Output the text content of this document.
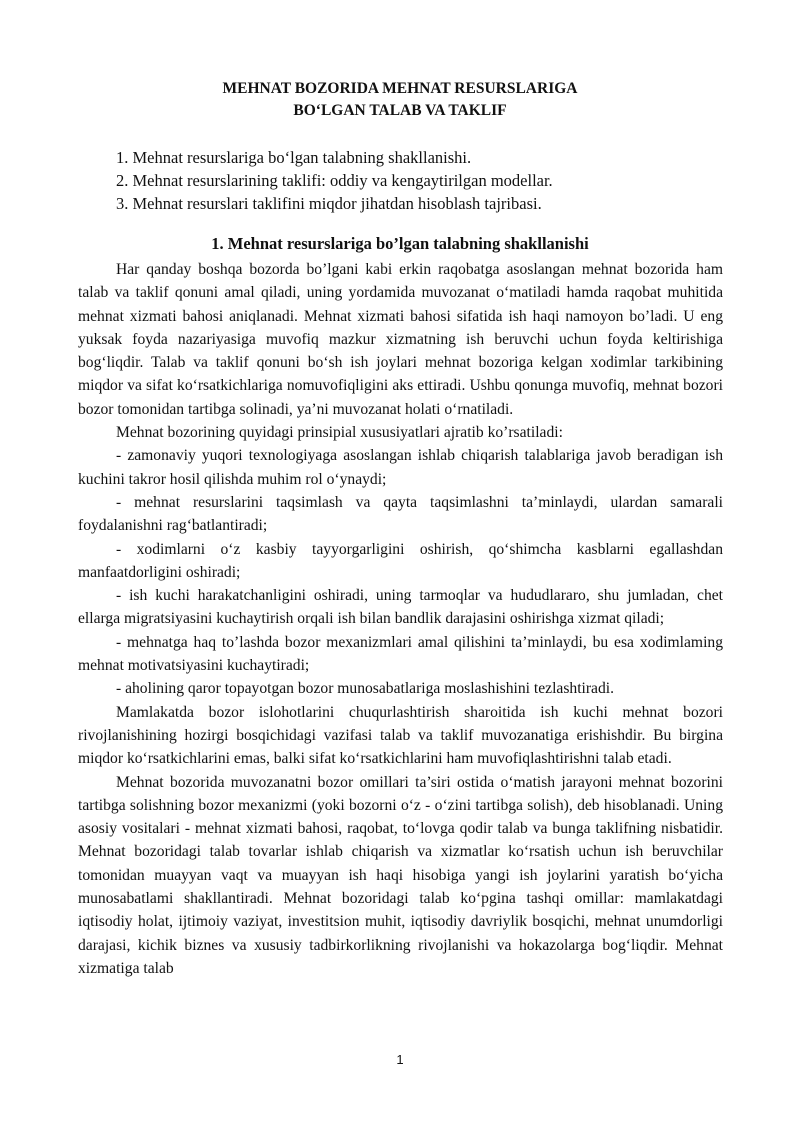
MEHNAT BOZORIDA MEHNAT RESURSLARIGA
BO‘LGAN TALAB VA TAKLIF
1. Mehnat resurslariga bo‘lgan talabning shakllanishi.
2. Mehnat resurslarining taklifi: oddiy va kengaytirilgan modellar.
3. Mehnat resurslari taklifini miqdor jihatdan hisoblash tajribasi.
1. Mehnat resurslariga bo’lgan talabning shakllanishi

Har qanday boshqa bozorda bo’lgani kabi erkin raqobatga asoslangan mehnat bozorida ham talab va taklif qonuni amal qiladi, uning yordamida muvozanat o‘matiladi hamda raqobat muhitida mehnat xizmati bahosi aniqlanadi. Mehnat xizmati bahosi sifatida ish haqi namoyon bo’ladi. U eng yuksak foyda nazariyasiga muvofiq mazkur xizmatning ish beruvchi uchun foyda keltirishiga bog‘liqdir. Talab va taklif qonuni bo‘sh ish joylari mehnat bozoriga kelgan xodimlar tarkibining miqdor va sifat ko‘rsatkichlariga nomuvofiqligini aks ettiradi. Ushbu qonunga muvofiq, mehnat bozori bozor tomonidan tartibga solinadi, ya’ni muvozanat holati o‘rnatiladi.

Mehnat bozorining quyidagi prinsipial xususiyatlari ajratib ko’rsatiladi:

- zamonaviy yuqori texnologiyaga asoslangan ishlab chiqarish talablariga javob beradigan ish kuchini takror hosil qilishda muhim rol o‘ynaydi;

- mehnat resurslarini taqsimlash va qayta taqsimlashni ta’minlaydi, ulardan samarali foydalanishni rag‘batlantiradi;

- xodimlarni o‘z kasbiy tayyorgarligini oshirish, qo‘shimcha kasblarni egallashdan manfaatdorligini oshiradi;

- ish kuchi harakatchanligini oshiradi, uning tarmoqlar va hududlararo, shu jumladan, chet ellarga migratsiyasini kuchaytirish orqali ish bilan bandlik darajasini oshirishga xizmat qiladi;

- mehnatga haq to’lashda bozor mexanizmlari amal qilishini ta’minlaydi, bu esa xodimlaming mehnat motivatsiyasini kuchaytiradi;

- aholining qaror topayotgan bozor munosabatlariga moslashishini tezlashtiradi.

Mamlakatda bozor islohotlarini chuqurlashtirish sharoitida ish kuchi mehnat bozori rivojlanishining hozirgi bosqichidagi vazifasi talab va taklif muvozanatiga erishishdir. Bu birgina miqdor ko‘rsatkichlarini emas, balki sifat ko‘rsatkichlarini ham muvofiqlashtirishni talab etadi.

Mehnat bozorida muvozanatni bozor omillari ta’siri ostida o‘matish jarayoni mehnat bozorini tartibga solishning bozor mexanizmi (yoki bozorni o‘z - o‘zini tartibga solish), deb hisoblanadi. Uning asosiy vositalari - mehnat xizmati bahosi, raqobat, to‘lovga qodir talab va bunga taklifning nisbatidir. Mehnat bozoridagi talab tovarlar ishlab chiqarish va xizmatlar ko‘rsatish uchun ish beruvchilar tomonidan muayyan vaqt va muayyan ish haqi hisobiga yangi ish joylarini yaratish bo‘yicha munosabatlami shakllantiradi. Mehnat bozoridagi talab ko‘pgina tashqi omillar: mamlakatdagi iqtisodiy holat, ijtimoiy vaziyat, investitsion muhit, iqtisodiy davriylik bosqichi, mehnat unumdorligi darajasi, kichik biznes va xususiy tadbirkorlikning rivojlanishi va hokazolarga bog‘liqdir. Mehnat xizmatiga talab

1
